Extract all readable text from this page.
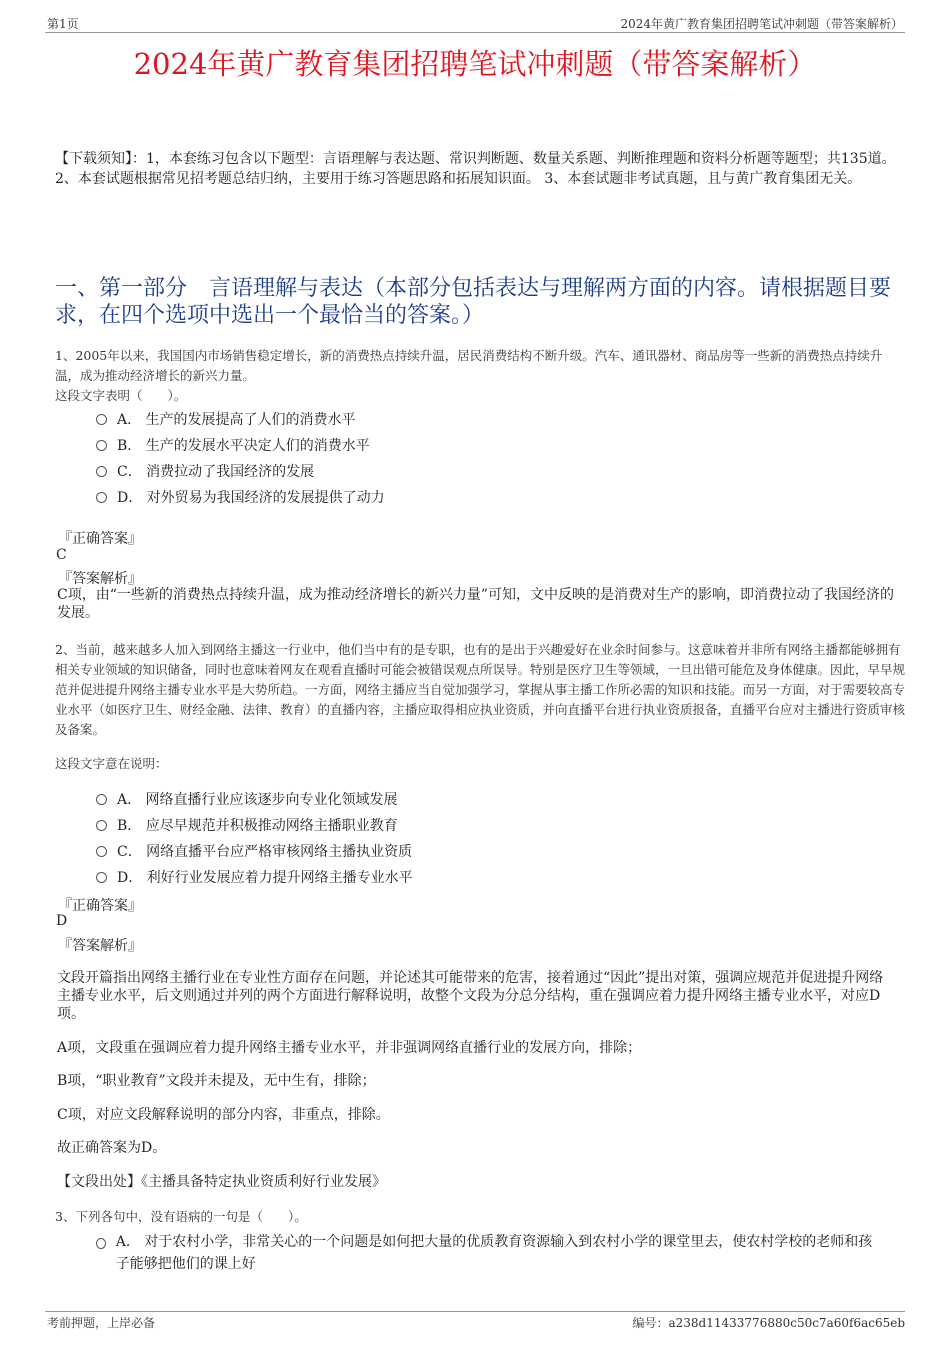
第1页	2024年黄广教育集团招聘笔试冲刺题（带答案解析）
2024年黄广教育集团招聘笔试冲刺题（带答案解析）
【下载须知】：1，本套练习包含以下题型：言语理解与表达题、常识判断题、数量关系题、判断推理题和资料分析题等题型；共135道。 2、本套试题根据常见招考题总结归纳，主要用于练习答题思路和拓展知识面。 3、本套试题非考试真题，且与黄广教育集团无关。
一、第一部分　言语理解与表达（本部分包括表达与理解两方面的内容。请根据题目要求，在四个选项中选出一个最恰当的答案。）
1、2005年以来，我国国内市场销售稳定增长，新的消费热点持续升温，居民消费结构不断升级。汽车、通讯器材、商品房等一些新的消费热点持续升温，成为推动经济增长的新兴力量。
这段文字表明（　　）。
A． 生产的发展提高了人们的消费水平
B． 生产的发展水平决定人们的消费水平
C． 消费拉动了我国经济的发展
D． 对外贸易为我国经济的发展提供了动力
『正确答案』
C
『答案解析』
C项，由“一些新的消费热点持续升温，成为推动经济增长的新兴力量”可知，文中反映的是消费对生产的影响，即消费拉动了我国经济的发展。
2、当前，越来越多人加入到网络主播这一行业中，他们当中有的是专职，也有的是出于兴趣爱好在业余时间参与。这意味着并非所有网络主播都能够拥有相关专业领域的知识储备，同时也意味着网友在观看直播时可能会被错误观点所误导。特别是医疗卫生等领域，一旦出错可能危及身体健康。因此，早早规范并促进提升网络主播专业水平是大势所趋。一方面，网络主播应当自觉加强学习，掌握从事主播工作所必需的知识和技能。而另一方面，对于需要较高专业水平（如医疗卫生、财经金融、法律、教育）的直播内容，主播应取得相应执业资质，并向直播平台进行执业资质报备，直播平台应对主播进行资质审核及备案。
这段文字意在说明：
A． 网络直播行业应该逐步向专业化领域发展
B． 应尽早规范并积极推动网络主播职业教育
C． 网络直播平台应严格审核网络主播执业资质
D． 利好行业发展应着力提升网络主播专业水平
『正确答案』
D
『答案解析』
文段开篇指出网络主播行业在专业性方面存在问题，并论述其可能带来的危害，接着通过“因此”提出对策，强调应规范并促进提升网络主播专业水平，后文则通过并列的两个方面进行解释说明，故整个文段为分总分结构，重在强调应着力提升网络主播专业水平，对应D项。
A项，文段重在强调应着力提升网络主播专业水平，并非强调网络直播行业的发展方向，排除；
B项，“职业教育”文段并未提及，无中生有，排除；
C项，对应文段解释说明的部分内容，非重点，排除。
故正确答案为D。
【文段出处】《主播具备特定执业资质利好行业发展》
3、下列各句中，没有语病的一句是（　　）。
A． 对于农村小学，非常关心的一个问题是如何把大量的优质教育资源输入到农村小学的课堂里去，使农村学校的老师和孩子能够把他们的课上好
考前押题，上岸必备	编号：a238d11433776880c50c7a60f6ac65eb
